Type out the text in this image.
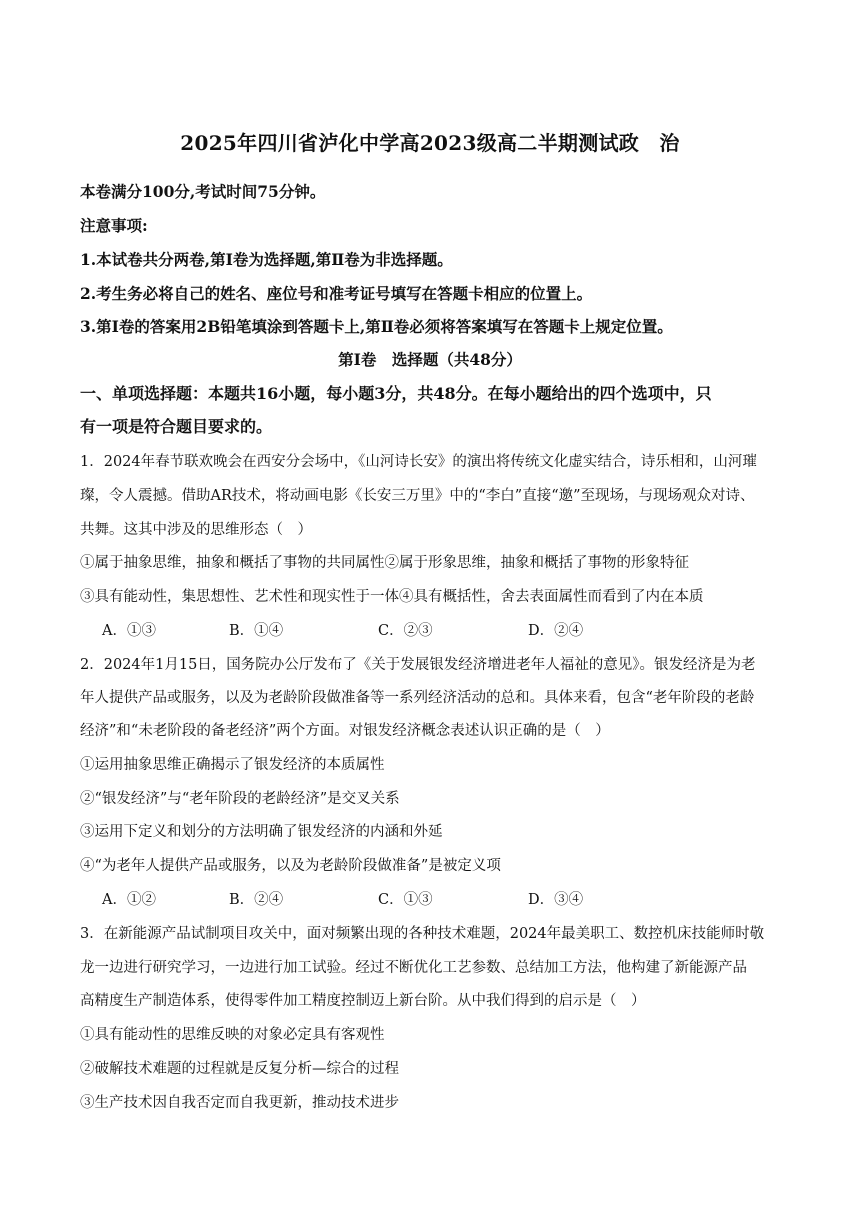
2025年四川省泸化中学高2023级高二半期测试政　治
本卷满分100分,考试时间75分钟。
注意事项:
1.本试卷共分两卷,第Ⅰ卷为选择题,第Ⅱ卷为非选择题。
2.考生务必将自己的姓名、座位号和准考证号填写在答题卡相应的位置上。
3.第Ⅰ卷的答案用2B铅笔填涂到答题卡上,第Ⅱ卷必须将答案填写在答题卡上规定位置。
第Ⅰ卷　选择题（共48分）
一、单项选择题：本题共16小题，每小题3分，共48分。在每小题给出的四个选项中，只
有一项是符合题目要求的。
1．2024年春节联欢晚会在西安分会场中，《山河诗长安》的演出将传统文化虚实结合，诗乐相和，山河璀
璨，令人震撼。借助AR技术，将动画电影《长安三万里》中的“李白”直接“邀”至现场，与现场观众对诗、
共舞。这其中涉及的思维形态（　）
①属于抽象思维，抽象和概括了事物的共同属性②属于形象思维，抽象和概括了事物的形象特征
③具有能动性，集思想性、艺术性和现实性于一体④具有概括性，舍去表面属性而看到了内在本质
A．①③	B．①④	C．②③	D．②④
2．2024年1月15日，国务院办公厅发布了《关于发展银发经济增进老年人福祉的意见》。银发经济是为老
年人提供产品或服务，以及为老龄阶段做准备等一系列经济活动的总和。具体来看，包含“老年阶段的老龄
经济”和“未老阶段的备老经济”两个方面。对银发经济概念表述认识正确的是（　）
①运用抽象思维正确揭示了银发经济的本质属性
②“银发经济”与“老年阶段的老龄经济”是交叉关系
③运用下定义和划分的方法明确了银发经济的内涵和外延
④“为老年人提供产品或服务，以及为老龄阶段做准备”是被定义项
A．①②	B．②④	C．①③	D．③④
3．在新能源产品试制项目攻关中，面对频繁出现的各种技术难题，2024年最美职工、数控机床技能师时敬
龙一边进行研究学习，一边进行加工试验。经过不断优化工艺参数、总结加工方法，他构建了新能源产品
高精度生产制造体系，使得零件加工精度控制迈上新台阶。从中我们得到的启示是（　）
①具有能动性的思维反映的对象必定具有客观性
②破解技术难题的过程就是反复分析—综合的过程
③生产技术因自我否定而自我更新，推动技术进步
